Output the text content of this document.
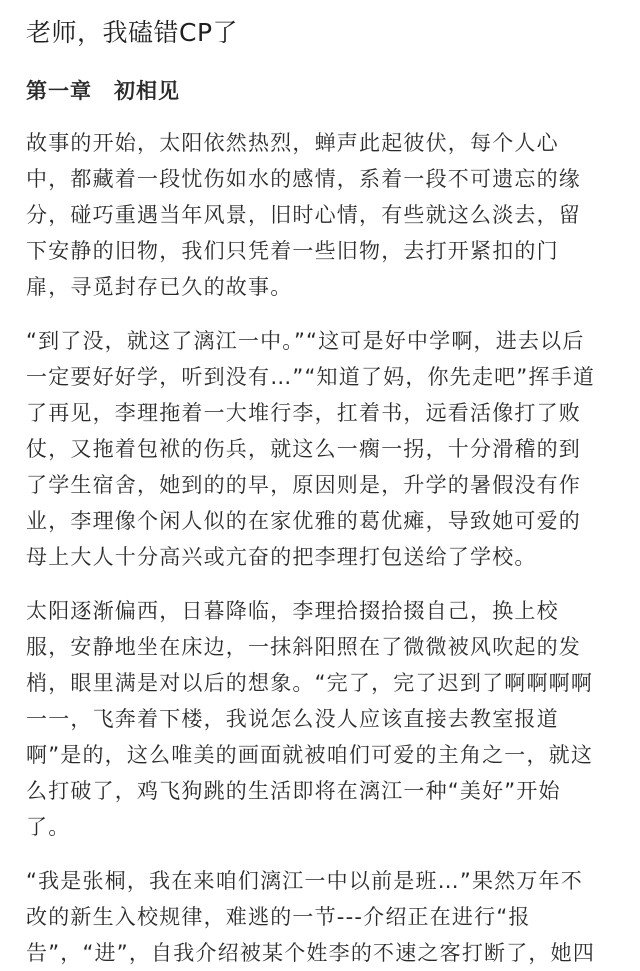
老师，我磕错CP了
第一章　初相见

故事的开始，太阳依然热烈，蝉声此起彼伏，每个人心
中，都藏着一段忧伤如水的感情，系着一段不可遗忘的缘
分，碰巧重遇当年风景，旧时心情，有些就这么淡去，留
下安静的旧物，我们只凭着一些旧物，去打开紧扣的门
扉，寻觅封存已久的故事。

“到了没，就这了漓江一中。”“这可是好中学啊，进去以后
一定要好好学，听到没有…”“知道了妈，你先走吧”挥手道
了再见，李理拖着一大堆行李，扛着书，远看活像打了败
仗，又拖着包袱的伤兵，就这么一瘸一拐，十分滑稽的到
了学生宿舍，她到的的早，原因则是，升学的暑假没有作
业，李理像个闲人似的在家优雅的葛优瘫，导致她可爱的
母上大人十分高兴或亢奋的把李理打包送给了学校。

太阳逐渐偏西，日暮降临，李理拾掇拾掇自己，换上校
服，安静地坐在床边，一抹斜阳照在了微微被风吹起的发
梢，眼里满是对以后的想象。“完了，完了迟到了啊啊啊啊
一一，飞奔着下楼，我说怎么没人应该直接去教室报道
啊”是的，这么唯美的画面就被咱们可爱的主角之一，就这
么打破了，鸡飞狗跳的生活即将在漓江一种“美好”开始
了。

“我是张桐，我在来咱们漓江一中以前是班…”果然万年不
改的新生入校规律，难逃的一节---介绍正在进行“报
告”，“进”，自我介绍被某个姓李的不速之客打断了，她四
